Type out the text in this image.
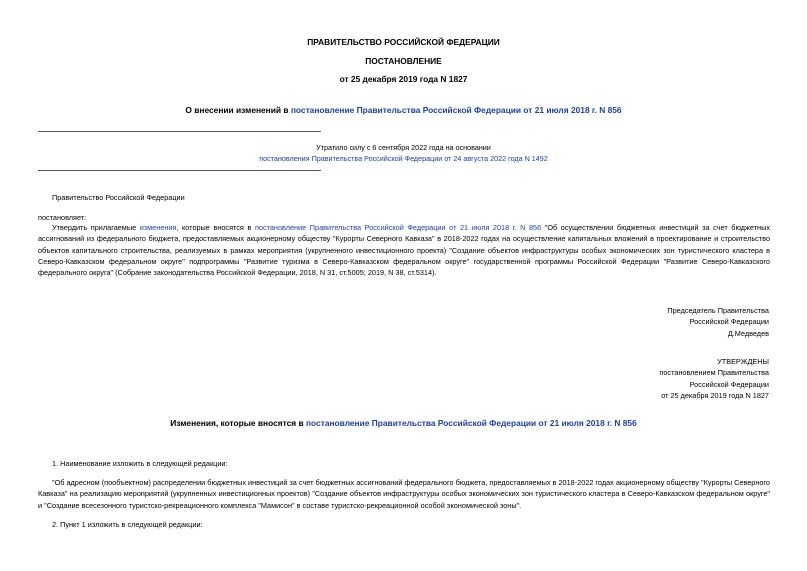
ПРАВИТЕЛЬСТВО РОССИЙСКОЙ ФЕДЕРАЦИИ
ПОСТАНОВЛЕНИЕ
от 25 декабря 2019 года N 1827
О внесении изменений в постановление Правительства Российской Федерации от 21 июля 2018 г. N 856
Утратило силу с 6 сентября 2022 года на основании
постановления Правительства Российской Федерации от 24 августа 2022 года N 1492
Правительство Российской Федерации
постановляет:
Утвердить прилагаемые изменения, которые вносятся в постановление Правительства Российской Федерации от 21 июля 2018 г. N 856 "Об осуществлении бюджетных инвестиций за счет бюджетных ассигнований из федерального бюджета, предоставляемых акционерному обществу "Курорты Северного Кавказа" в 2018-2022 годах на осуществление капитальных вложений в проектирование и строительство объектов капитального строительства, реализуемых в рамках мероприятия (укрупненного инвестиционного проекта) "Создание объектов инфраструктуры особых экономических зон туристического кластера в Северо-Кавказском федеральном округе" подпрограммы "Развитие туризма в Северо-Кавказском федеральном округе" государственной программы Российской Федерации "Развитие Северо-Кавказского федерального округа" (Собрание законодательства Российской Федерации, 2018, N 31, ст.5005; 2019, N 38, ст.5314).
Председатель Правительства
Российской Федерации
Д.Медведев
УТВЕРЖДЕНЫ
постановлением Правительства
Российской Федерации
от 25 декабря 2019 года N 1827
Изменения, которые вносятся в постановление Правительства Российской Федерации от 21 июля 2018 г. N 856
1. Наименование изложить в следующей редакции:
"Об адресном (пообъектном) распределении бюджетных инвестиций за счет бюджетных ассигнований федерального бюджета, предоставляемых в 2018-2022 годах акционерному обществу "Курорты Северного Кавказа" на реализацию мероприятий (укрупненных инвестиционных проектов) "Создание объектов инфраструктуры особых экономических зон туристического кластера в Северо-Кавказском федеральном округе" и "Создание всесезонного туристско-рекреационного комплекса "Мамисон" в составе туристско-рекреационной особой экономической зоны".
2. Пункт 1 изложить в следующей редакции:
